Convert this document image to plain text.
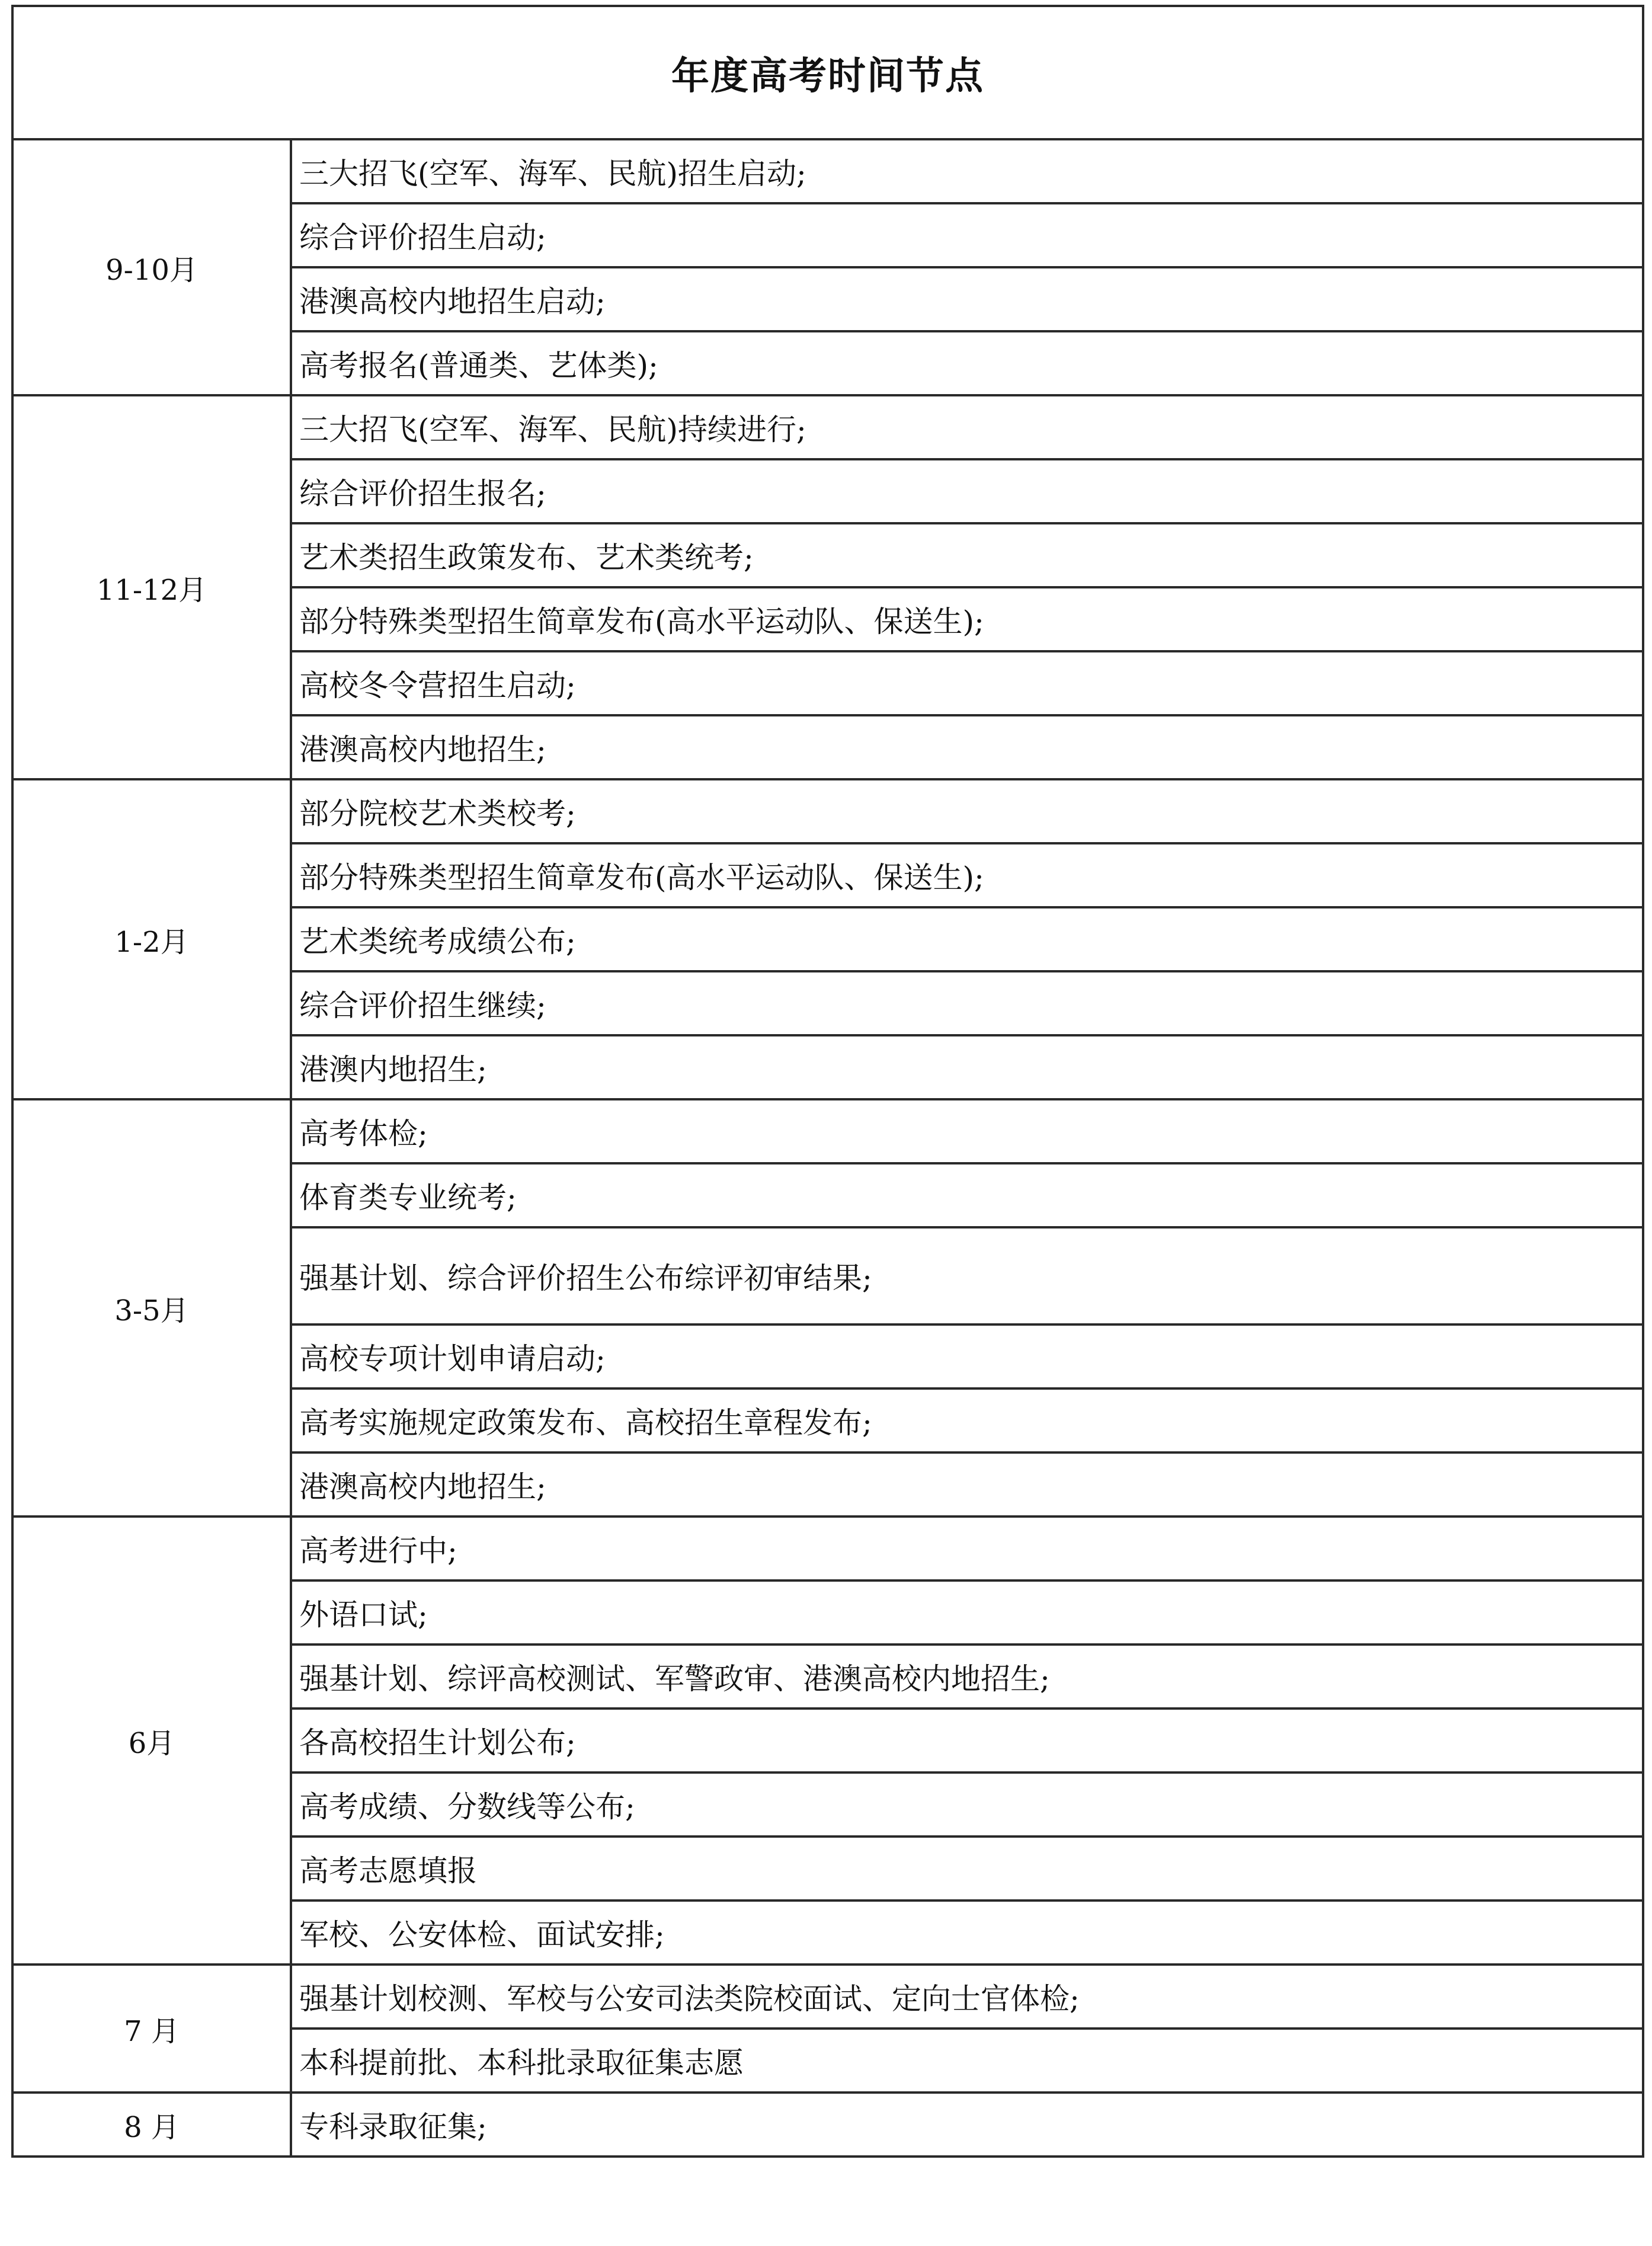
年度高考时间节点	
9-10月	三大招飞(空军、海军、民航)招生启动;
	综合评价招生启动;
	港澳高校内地招生启动;
	高考报名(普通类、艺体类);
11-12月	三大招飞(空军、海军、民航)持续进行;
	综合评价招生报名;
	艺术类招生政策发布、艺术类统考;
	部分特殊类型招生简章发布(高水平运动队、保送生);
	高校冬令营招生启动;
	港澳高校内地招生;
1-2月	部分院校艺术类校考;
	部分特殊类型招生简章发布(高水平运动队、保送生);
	艺术类统考成绩公布;
	综合评价招生继续;
	港澳内地招生;
3-5月	高考体检;
	体育类专业统考;
	强基计划、综合评价招生公布综评初审结果;
	高校专项计划申请启动;
	高考实施规定政策发布、高校招生章程发布;
	港澳高校内地招生;
6月	高考进行中;
	外语口试;
	强基计划、综评高校测试、军警政审、港澳高校内地招生;
	各高校招生计划公布;
	高考成绩、分数线等公布;
	高考志愿填报
	军校、公安体检、面试安排;
7 月	强基计划校测、军校与公安司法类院校面试、定向士官体检;
	本科提前批、本科批录取征集志愿
8 月	专科录取征集;
